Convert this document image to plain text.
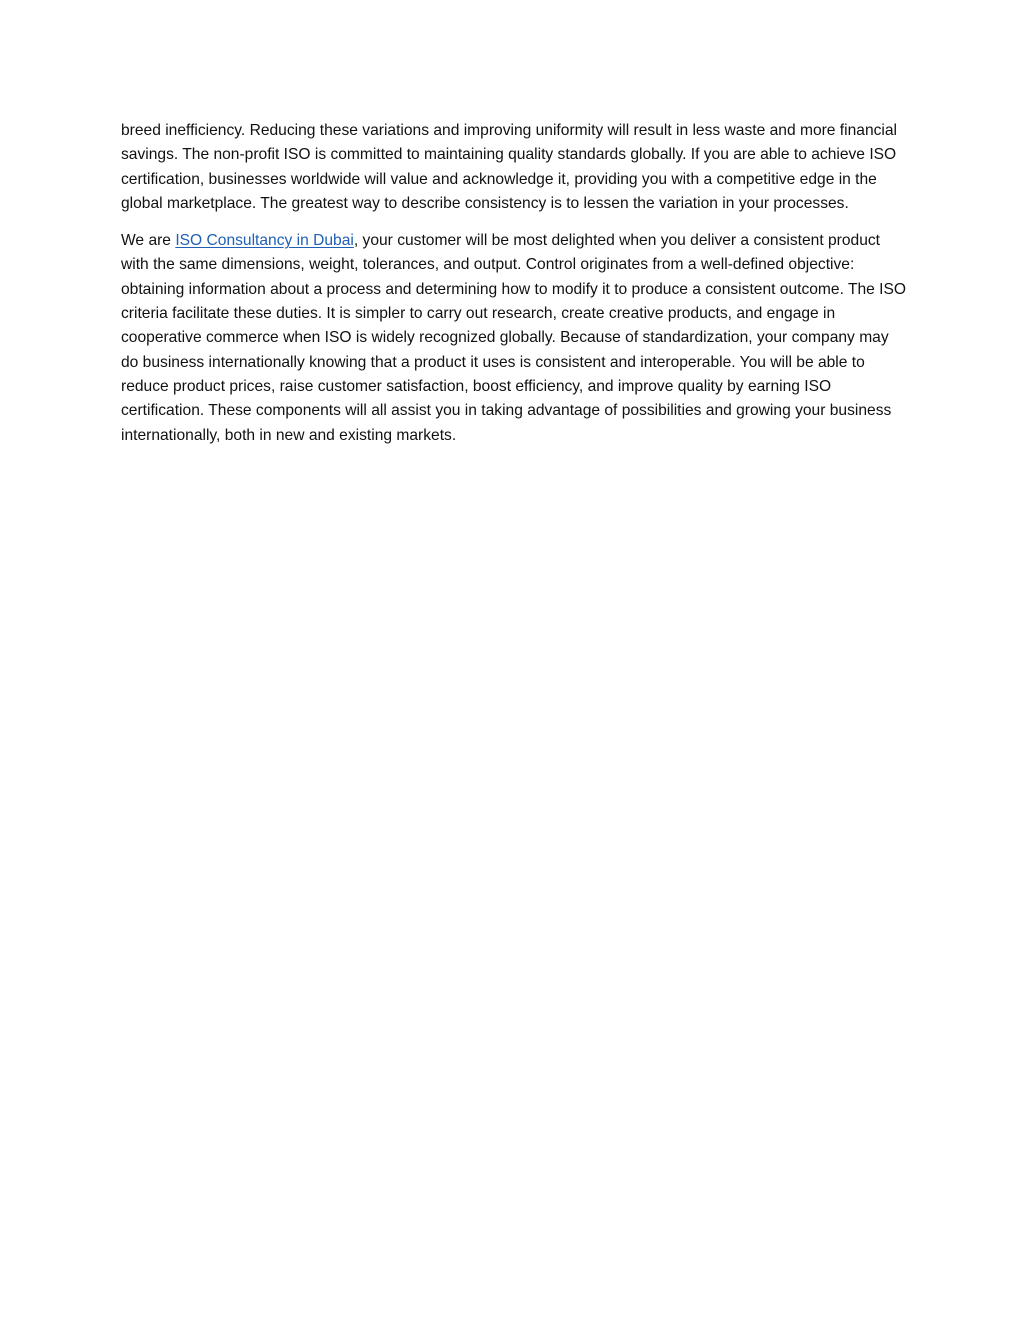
breed inefficiency. Reducing these variations and improving uniformity will result in less waste and more financial savings. The non-profit ISO is committed to maintaining quality standards globally. If you are able to achieve ISO certification, businesses worldwide will value and acknowledge it, providing you with a competitive edge in the global marketplace. The greatest way to describe consistency is to lessen the variation in your processes.

We are ISO Consultancy in Dubai, your customer will be most delighted when you deliver a consistent product with the same dimensions, weight, tolerances, and output. Control originates from a well-defined objective: obtaining information about a process and determining how to modify it to produce a consistent outcome. The ISO criteria facilitate these duties. It is simpler to carry out research, create creative products, and engage in cooperative commerce when ISO is widely recognized globally. Because of standardization, your company may do business internationally knowing that a product it uses is consistent and interoperable. You will be able to reduce product prices, raise customer satisfaction, boost efficiency, and improve quality by earning ISO certification. These components will all assist you in taking advantage of possibilities and growing your business internationally, both in new and existing markets.
